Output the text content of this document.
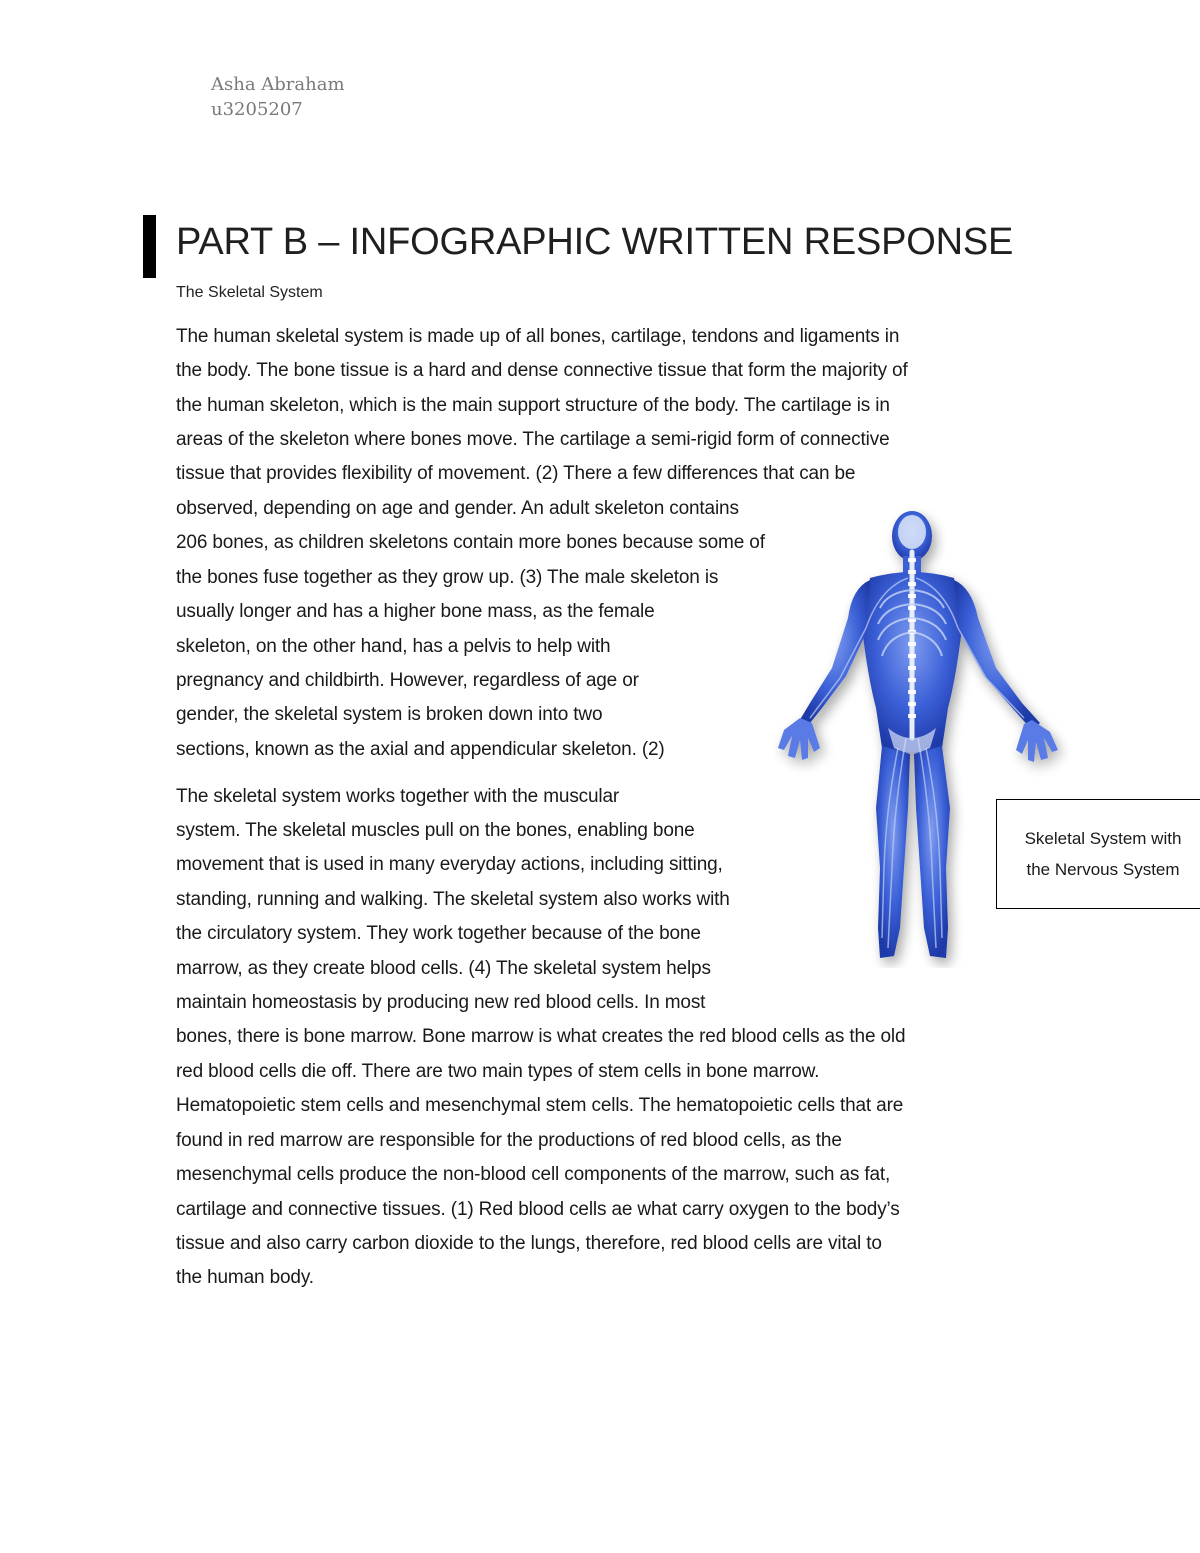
Asha Abraham
u3205207
PART B – INFOGRAPHIC WRITTEN RESPONSE
The Skeletal System
The human skeletal system is made up of all bones, cartilage, tendons and ligaments in
the body. The bone tissue is a hard and dense connective tissue that form the majority of
the human skeleton, which is the main support structure of the body. The cartilage is in
areas of the skeleton where bones move. The cartilage a semi-rigid form of connective
tissue that provides flexibility of movement. (2) There a few differences that can be
observed, depending on age and gender. An adult skeleton contains
206 bones, as children skeletons contain more bones because some of
the bones fuse together as they grow up. (3) The male skeleton is
usually longer and has a higher bone mass, as the female
skeleton, on the other hand, has a pelvis to help with
pregnancy and childbirth. However, regardless of age or
gender, the skeletal system is broken down into two
sections, known as the axial and appendicular skeleton. (2)
The skeletal system works together with the muscular
system. The skeletal muscles pull on the bones, enabling bone
movement that is used in many everyday actions, including sitting,
standing, running and walking. The skeletal system also works with
the circulatory system. They work together because of the bone
marrow, as they create blood cells. (4) The skeletal system helps
maintain homeostasis by producing new red blood cells. In most
bones, there is bone marrow. Bone marrow is what creates the red blood cells as the old
red blood cells die off. There are two main types of stem cells in bone marrow.
Hematopoietic stem cells and mesenchymal stem cells. The hematopoietic cells that are
found in red marrow are responsible for the productions of red blood cells, as the
mesenchymal cells produce the non-blood cell components of the marrow, such as fat,
cartilage and connective tissues. (1) Red blood cells ae what carry oxygen to the body’s
tissue and also carry carbon dioxide to the lungs, therefore, red blood cells are vital to
the human body.
Skeletal System with the Nervous System
